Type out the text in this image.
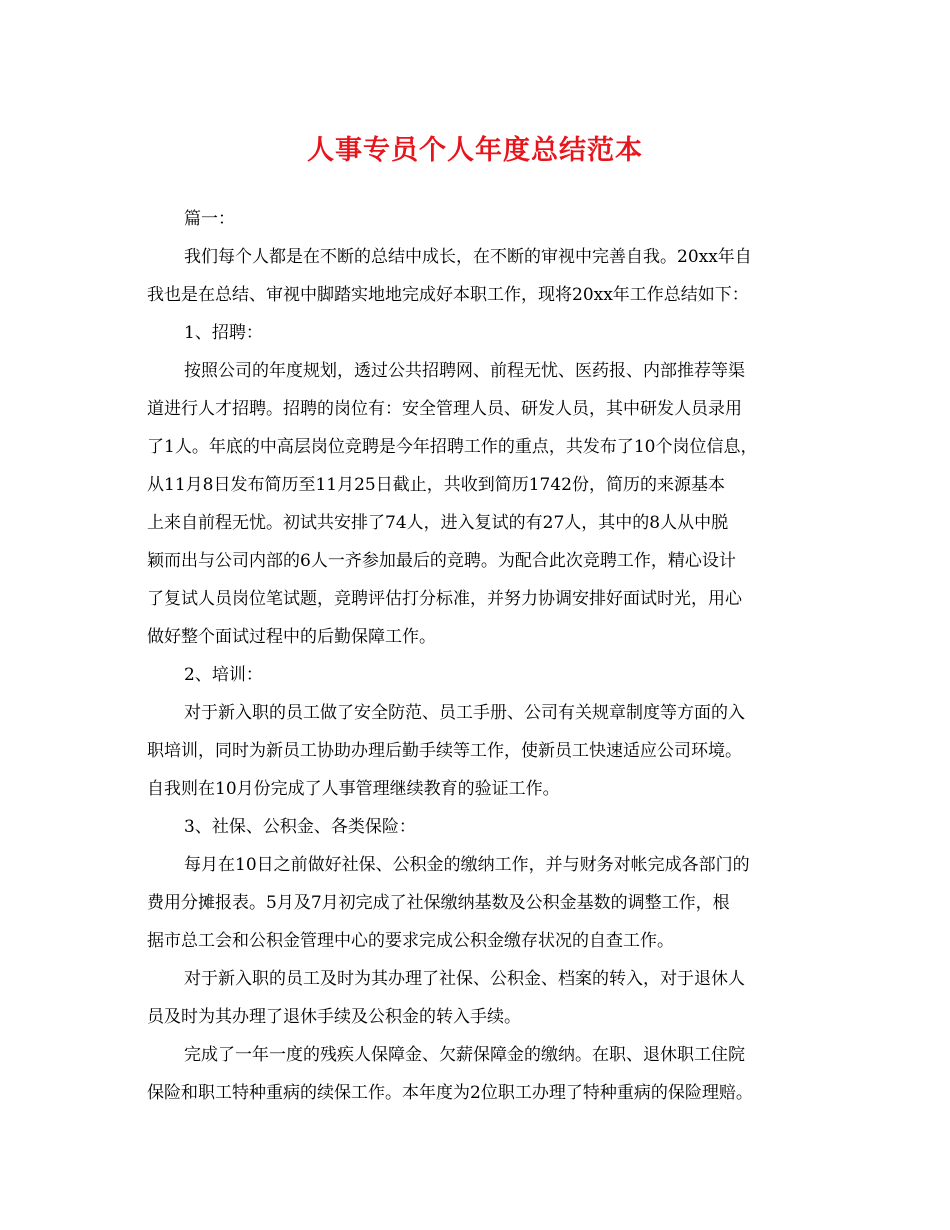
人事专员个人年度总结范本

篇一：

我们每个人都是在不断的总结中成长，在不断的审视中完善自我。20xx年自

我也是在总结、审视中脚踏实地地完成好本职工作，现将20xx年工作总结如下：

1、招聘：

按照公司的年度规划，透过公共招聘网、前程无忧、医药报、内部推荐等渠

道进行人才招聘。招聘的岗位有：安全管理人员、研发人员，其中研发人员录用

了1人。年底的中高层岗位竞聘是今年招聘工作的重点，共发布了10个岗位信息，

从11月8日发布简历至11月25日截止，共收到简历1742份，简历的来源基本

上来自前程无忧。初试共安排了74人，进入复试的有27人，其中的8人从中脱

颖而出与公司内部的6人一齐参加最后的竞聘。为配合此次竞聘工作，精心设计

了复试人员岗位笔试题，竞聘评估打分标准，并努力协调安排好面试时光，用心

做好整个面试过程中的后勤保障工作。

2、培训：

对于新入职的员工做了安全防范、员工手册、公司有关规章制度等方面的入

职培训，同时为新员工协助办理后勤手续等工作，使新员工快速适应公司环境。

自我则在10月份完成了人事管理继续教育的验证工作。

3、社保、公积金、各类保险：

每月在10日之前做好社保、公积金的缴纳工作，并与财务对帐完成各部门的

费用分摊报表。5月及7月初完成了社保缴纳基数及公积金基数的调整工作，根

据市总工会和公积金管理中心的要求完成公积金缴存状况的自查工作。

对于新入职的员工及时为其办理了社保、公积金、档案的转入，对于退休人

员及时为其办理了退休手续及公积金的转入手续。

完成了一年一度的残疾人保障金、欠薪保障金的缴纳。在职、退休职工住院

保险和职工特种重病的续保工作。本年度为2位职工办理了特种重病的保险理赔。
